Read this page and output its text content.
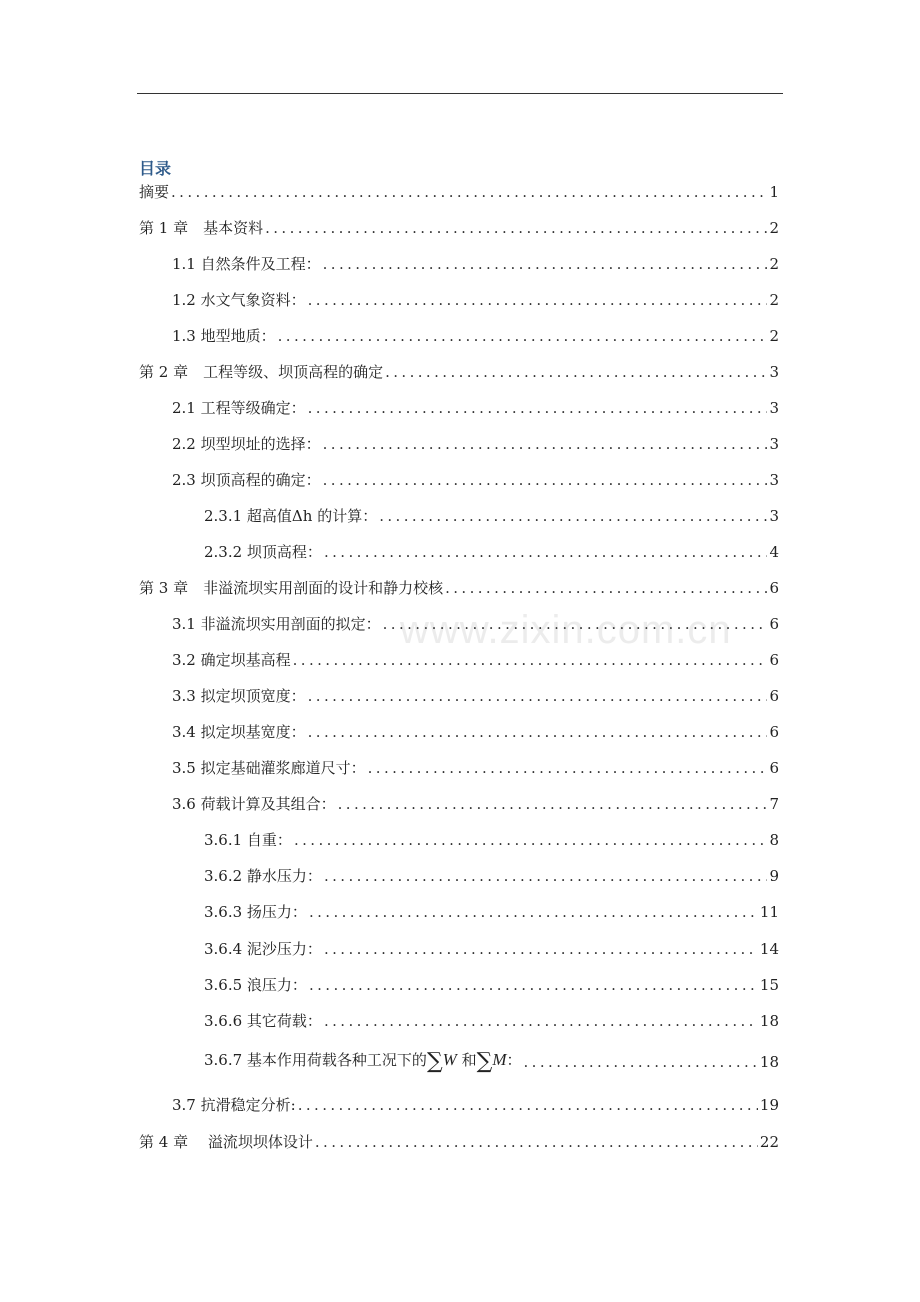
目录
摘要 .....	1
第 1 章　基本资料 .....	2
1.1 自然条件及工程： .....	2
1.2 水文气象资料： .....	2
1.3 地型地质： .....	2
第 2 章　工程等级、坝顶高程的确定 .....	3
2.1 工程等级确定： .....	3
2.2 坝型坝址的选择： .....	3
2.3 坝顶高程的确定： .....	3
2.3.1 超高值Δh 的计算： .....	3
2.3.2 坝顶高程： .....	4
第 3 章　非溢流坝实用剖面的设计和静力校核 .....	6
3.1 非溢流坝实用剖面的拟定： .....	6
3.2 确定坝基高程 .....	6
3.3 拟定坝顶宽度： .....	6
3.4 拟定坝基宽度： .....	6
3.5 拟定基础灌浆廊道尺寸： .....	6
3.6 荷载计算及其组合： .....	7
3.6.1 自重： .....	8
3.6.2 静水压力： .....	9
3.6.3 扬压力： .....	11
3.6.4 泥沙压力： .....	14
3.6.5 浪压力： .....	15
3.6.6 其它荷载： .....	18
3.6.7 基本作用荷载各种工况下的∑W 和∑M： .....	18
3.7 抗滑稳定分析: .....	19
第 4 章　 溢流坝坝体设计 .....	22
www.zixin.com.cn
